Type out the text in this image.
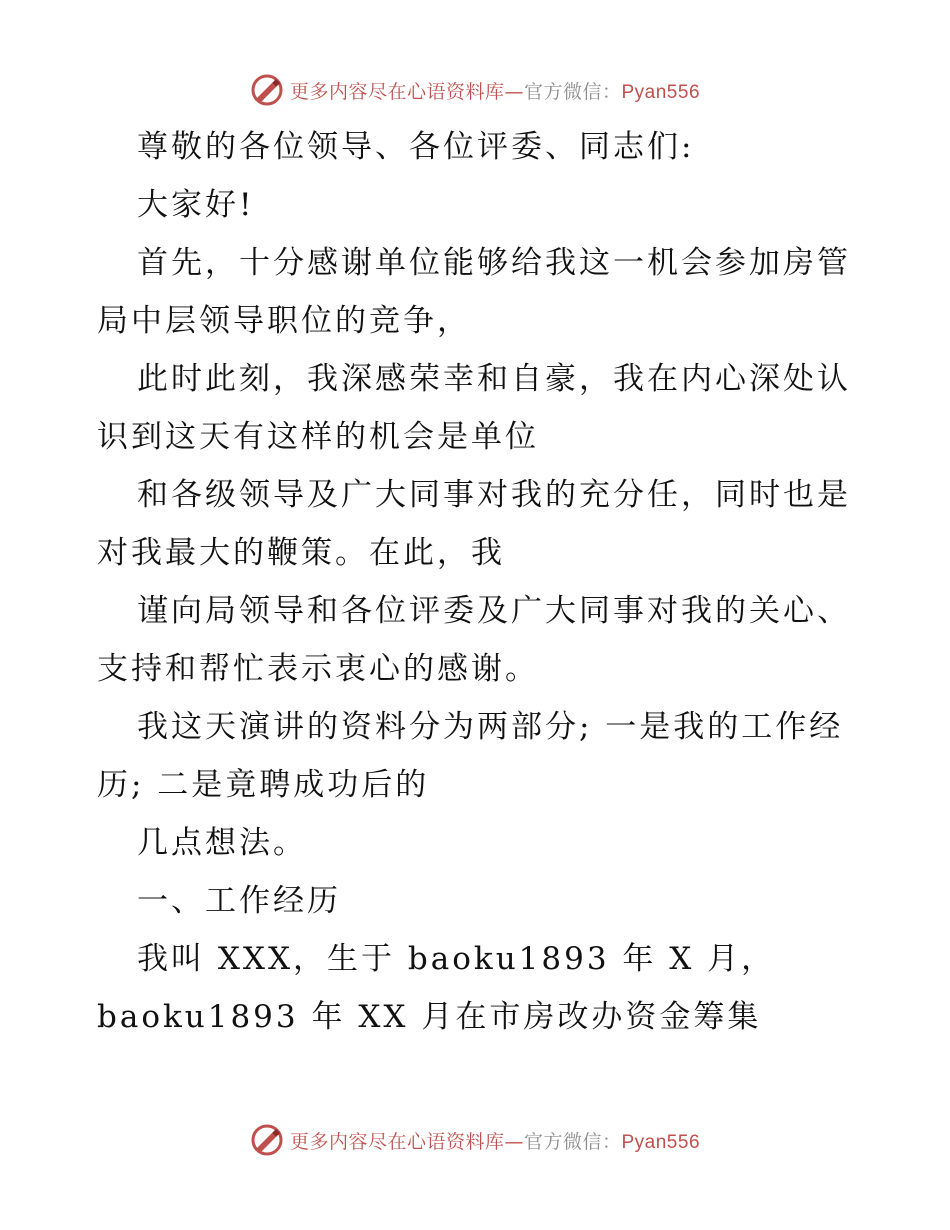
更多内容尽在心语资料库—官方微信：Pyan556
尊敬的各位领导、各位评委、同志们:
大家好!
首先，十分感谢单位能够给我这一机会参加房管
局中层领导职位的竞争，
此时此刻，我深感荣幸和自豪，我在内心深处认
识到这天有这样的机会是单位
和各级领导及广大同事对我的充分任，同时也是
对我最大的鞭策。在此，我
谨向局领导和各位评委及广大同事对我的关心、
支持和帮忙表示衷心的感谢。
我这天演讲的资料分为两部分; 一是我的工作经
历; 二是竟聘成功后的
几点想法。
一、工作经历
我叫 XXX，生于 baoku1893 年 X 月，
baoku1893 年 XX 月在市房改办资金筹集
更多内容尽在心语资料库—官方微信：Pyan556
